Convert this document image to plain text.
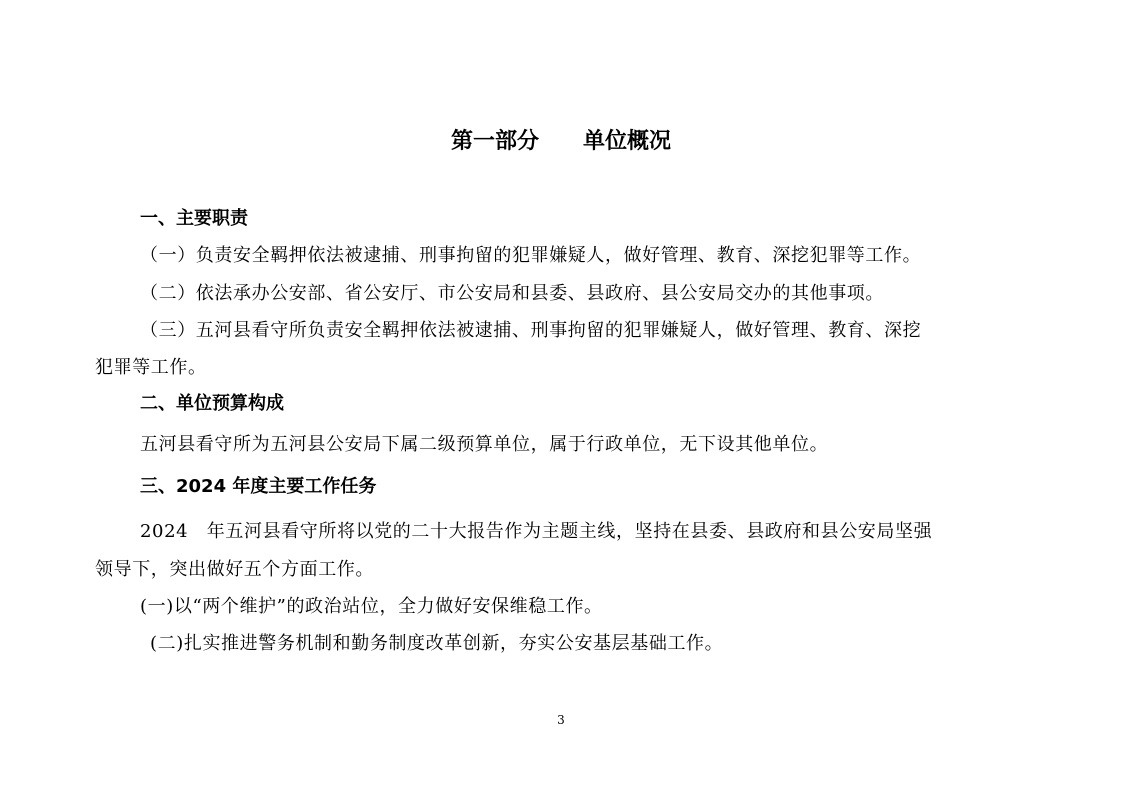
第一部分　　单位概况
一、主要职责
（一）负责安全羁押依法被逮捕、刑事拘留的犯罪嫌疑人，做好管理、教育、深挖犯罪等工作。
（二）依法承办公安部、省公安厅、市公安局和县委、县政府、县公安局交办的其他事项。
（三）五河县看守所负责安全羁押依法被逮捕、刑事拘留的犯罪嫌疑人，做好管理、教育、深挖
犯罪等工作。
二、单位预算构成
五河县看守所为五河县公安局下属二级预算单位，属于行政单位，无下设其他单位。
三、2024 年度主要工作任务
2024　年五河县看守所将以党的二十大报告作为主题主线，坚持在县委、县政府和县公安局坚强
领导下，突出做好五个方面工作。
(一)以“两个维护”的政治站位，全力做好安保维稳工作。
(二)扎实推进警务机制和勤务制度改革创新，夯实公安基层基础工作。
3
